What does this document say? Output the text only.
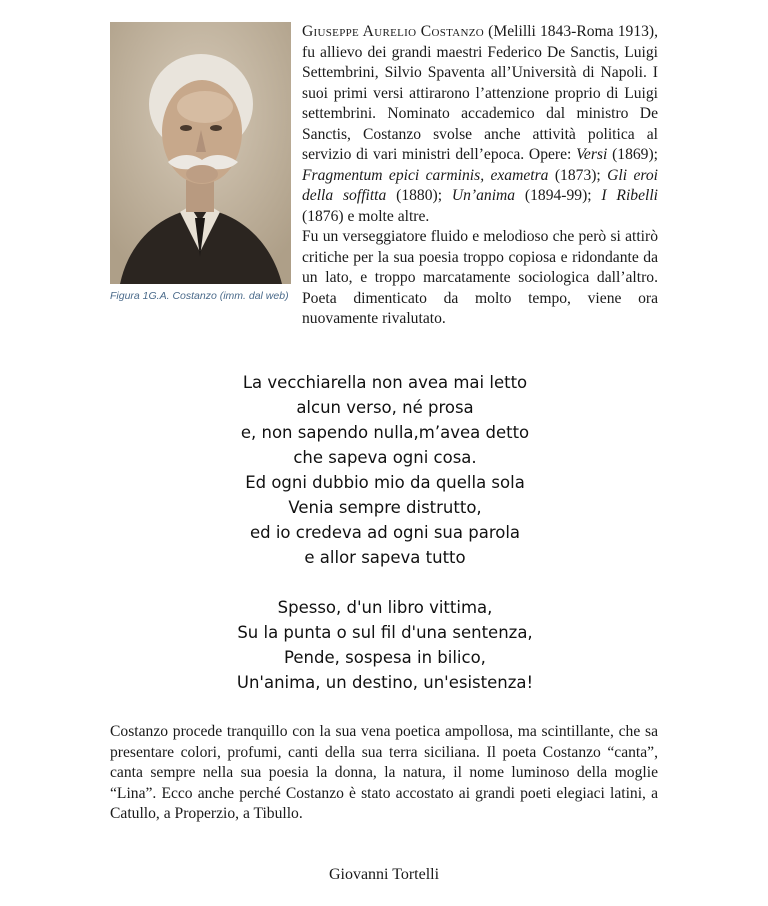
Figura 1G.A. Costanzo (imm. dal web)

Giuseppe Aurelio Costanzo (Melilli 1843-Roma 1913), fu allievo dei grandi maestri Federico De Sanctis, Luigi Settembrini, Silvio Spaventa all’Università di Napoli. I suoi primi versi attirarono l’attenzione proprio di Luigi settembrini. Nominato accademico dal ministro De Sanctis, Costanzo svolse anche attività politica al servizio di vari ministri dell’epoca. Opere: Versi (1869); Fragmentum epici carminis, exametra (1873); Gli eroi della soffitta (1880); Un’anima (1894-99); I Ribelli (1876) e molte altre.

Fu un verseggiatore fluido e melodioso che però si attirò critiche per la sua poesia troppo copiosa e ridondante da un lato, e troppo marcatamente sociologica dall’altro. Poeta dimenticato da molto tempo, viene ora nuovamente rivalutato.

La vecchiarella non avea mai letto
alcun verso, né prosa
e, non sapendo nulla,m’avea detto
che sapeva ogni cosa.
Ed ogni dubbio mio da quella sola
Venia sempre distrutto,
ed io credeva ad ogni sua parola
e allor sapeva tutto
Spesso, d'un libro vittima,
Su la punta o sul fil d'una sentenza,
Pende, sospesa in bilico,
Un'anima, un destino, un'esistenza!

Costanzo procede tranquillo con la sua vena poetica ampollosa, ma scintillante, che sa presentare colori, profumi, canti della sua terra siciliana. Il poeta Costanzo “canta”, canta sempre nella sua poesia la donna, la natura, il nome luminoso della moglie “Lina”. Ecco anche perché Costanzo è stato accostato ai grandi poeti elegiaci latini, a Catullo, a Properzio, a Tibullo.

Giovanni Tortelli
